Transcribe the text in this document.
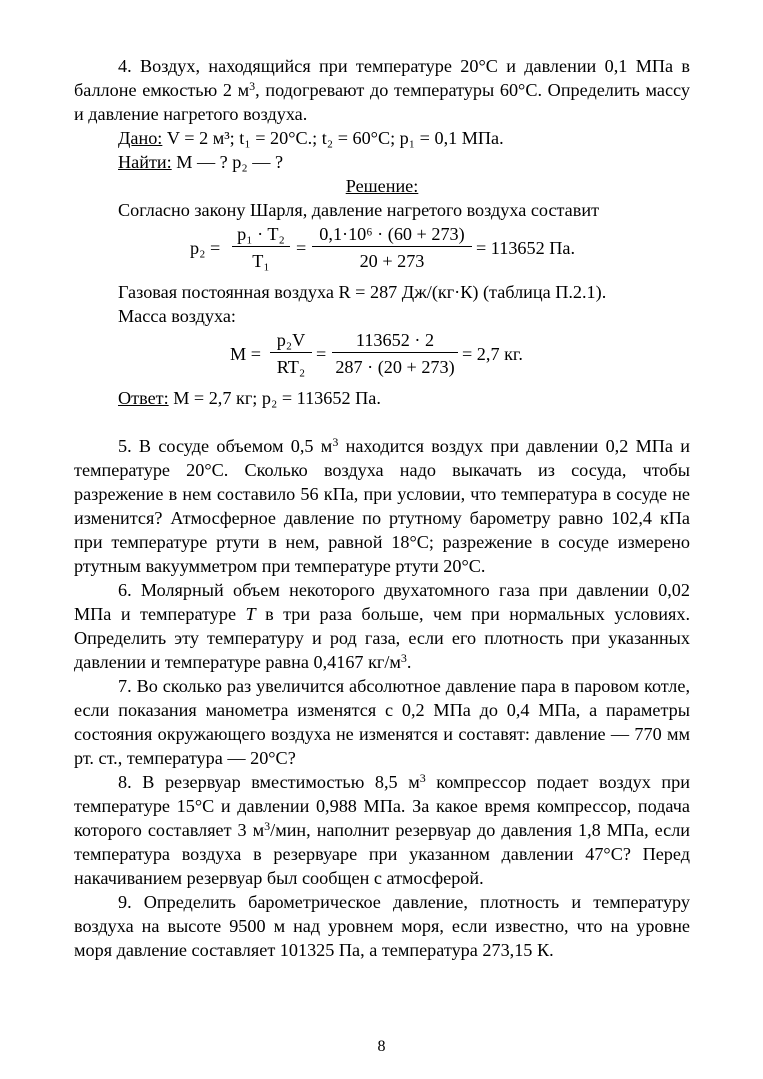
4. Воздух, находящийся при температуре 20°С и давлении 0,1 МПа в баллоне емкостью 2 $м^3$, подогревают до температуры 60°С. Определить массу и давление нагретого воздуха.

Дано: V = 2 м³; t₁ = 20°С.; t₂ = 60°С; p₁ = 0,1 МПа.

Найти: M — ? p₂ — ?

Решение:

Согласно закону Шарля, давление нагретого воздуха составит

$p_2 = \frac{\text{p₁ · T₂}}{\text{T₁}} = \frac{\text{0,1·10⁶ · (60 + 273)}}{20 + 273} = 113652$ Па.

Газовая постоянная воздуха R = 287 Дж/(кг·К) (таблица П.2.1).

Масса воздуха:

$M = \frac{\text{p₂V}}{\text{RT₂}} = \frac{113652 \cdot 2}{287 \cdot (20 + 273)} = 2,7$ кг.

Ответ: M = 2,7 кг; p₂ = 113652 Па.

5. В сосуде объемом 0,5 $м^3$ находится воздух при давлении 0,2 МПа и температуре 20°С. Сколько воздуха надо выкачать из сосуда, чтобы разрежение в нем составило 56 кПа, при условии, что температура в сосуде не изменится? Атмосферное давление по ртутному барометру равно 102,4 кПа при температуре ртути в нем, равной 18°С; разрежение в сосуде измерено ртутным вакуумметром при температуре ртути 20°С.

6. Молярный объем некоторого двухатомного газа при давлении 0,02 МПа и температуре T в три раза больше, чем при нормальных условиях. Определить эту температуру и род газа, если его плотность при указанных давлении и температуре равна 0,4167 $кг/м^3$.

7. Во сколько раз увеличится абсолютное давление пара в паровом котле, если показания манометра изменятся с 0,2 МПа до 0,4 МПа, а параметры состояния окружающего воздуха не изменятся и составят: давление — 770 мм рт. ст., температура — 20°С?

8. В резервуар вместимостью 8,5 $м^3$ компрессор подает воздух при температуре 15°С и давлении 0,988 МПа. За какое время компрессор, подача которого составляет 3 $м^3$/мин, наполнит резервуар до давления 1,8 МПа, если температура воздуха в резервуаре при указанном давлении 47°С? Перед накачиванием резервуар был сообщен с атмосферой.

9. Определить барометрическое давление, плотность и температуру воздуха на высоте 9500 м над уровнем моря, если известно, что на уровне моря давление составляет 101325 Па, а температура 273,15 К.

8
